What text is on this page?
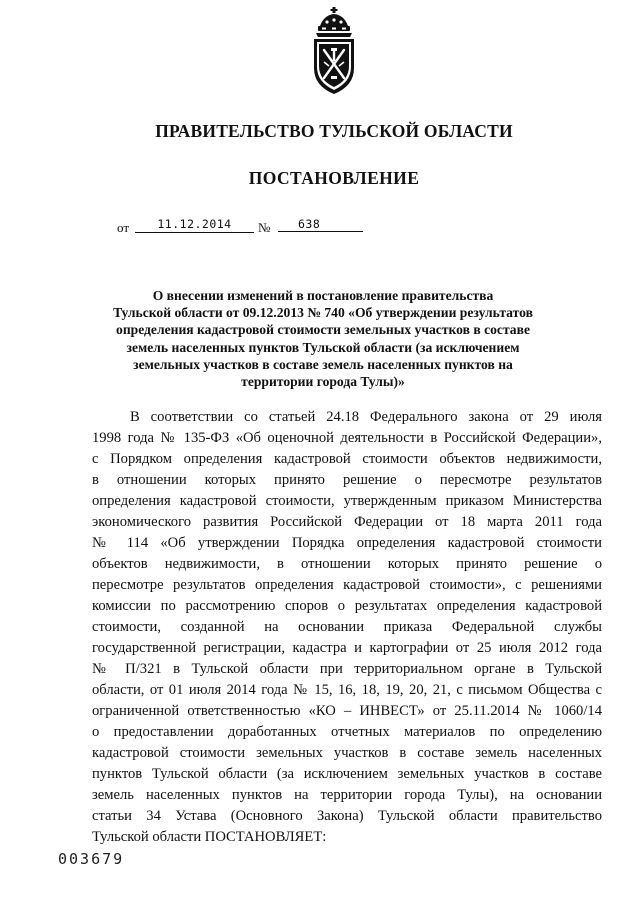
ПРАВИТЕЛЬСТВО ТУЛЬСКОЙ ОБЛАСТИ
ПОСТАНОВЛЕНИЕ
от	11.12.2014	№	638
О внесении изменений в постановление правительства
Тульской области от 09.12.2013 № 740 «Об утверждении результатов
определения кадастровой стоимости земельных участков в составе
земель населенных пунктов Тульской области (за исключением
земельных участков в составе земель населенных пунктов на
территории города Тулы)»
В соответствии со статьей 24.18 Федерального закона от 29 июля
1998 года № 135-ФЗ «Об оценочной деятельности в Российской Федерации»,
с Порядком определения кадастровой стоимости объектов недвижимости,
в отношении которых принято решение о пересмотре результатов
определения кадастровой стоимости, утвержденным приказом Министерства
экономического развития Российской Федерации от 18 марта 2011 года
№ 114 «Об утверждении Порядка определения кадастровой стоимости
объектов недвижимости, в отношении которых принято решение о
пересмотре результатов определения кадастровой стоимости», с решениями
комиссии по рассмотрению споров о результатах определения кадастровой
стоимости, созданной на основании приказа Федеральной службы
государственной регистрации, кадастра и картографии от 25 июля 2012 года
№ П/321 в Тульской области при территориальном органе в Тульской
области, от 01 июля 2014 года № 15, 16, 18, 19, 20, 21, с письмом Общества с
ограниченной ответственностью «КО – ИНВЕСТ» от 25.11.2014 № 1060/14
о предоставлении доработанных отчетных материалов по определению
кадастровой стоимости земельных участков в составе земель населенных
пунктов Тульской области (за исключением земельных участков в составе
земель населенных пунктов на территории города Тулы), на основании
статьи 34 Устава (Основного Закона) Тульской области правительство
Тульской области ПОСТАНОВЛЯЕТ:
003679
